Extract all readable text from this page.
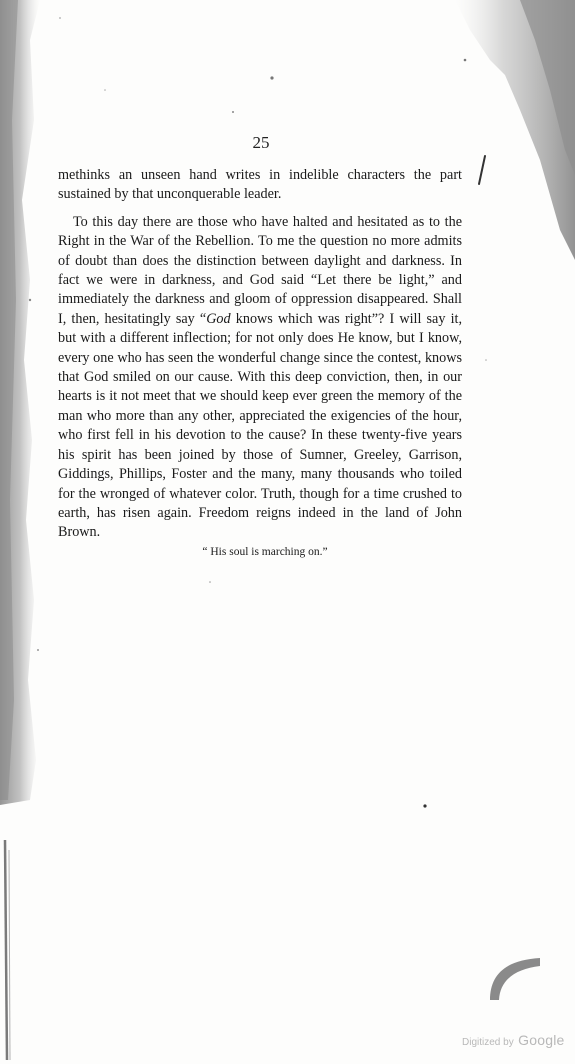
25

methinks an unseen hand writes in indelible characters the part sustained by that unconquerable leader.

To this day there are those who have halted and hesitated as to the Right in the War of the Rebellion. To me the question no more admits of doubt than does the distinction between daylight and darkness. In fact we were in darkness, and God said “Let there be light,” and immediately the darkness and gloom of oppression disappeared. Shall I, then, hesitatingly say “God knows which was right”? I will say it, but with a different inflection; for not only does He know, but I know, every one who has seen the wonderful change since the contest, knows that God smiled on our cause. With this deep conviction, then, in our hearts is it not meet that we should keep ever green the memory of the man who more than any other, appreciated the exigencies of the hour, who first fell in his devotion to the cause? In these twenty-five years his spirit has been joined by those of Sumner, Greeley, Garrison, Giddings, Phillips, Foster and the many, many thousands who toiled for the wronged of whatever color. Truth, though for a time crushed to earth, has risen again. Freedom reigns indeed in the land of John Brown.

“ His soul is marching on.”
Digitized by Google
